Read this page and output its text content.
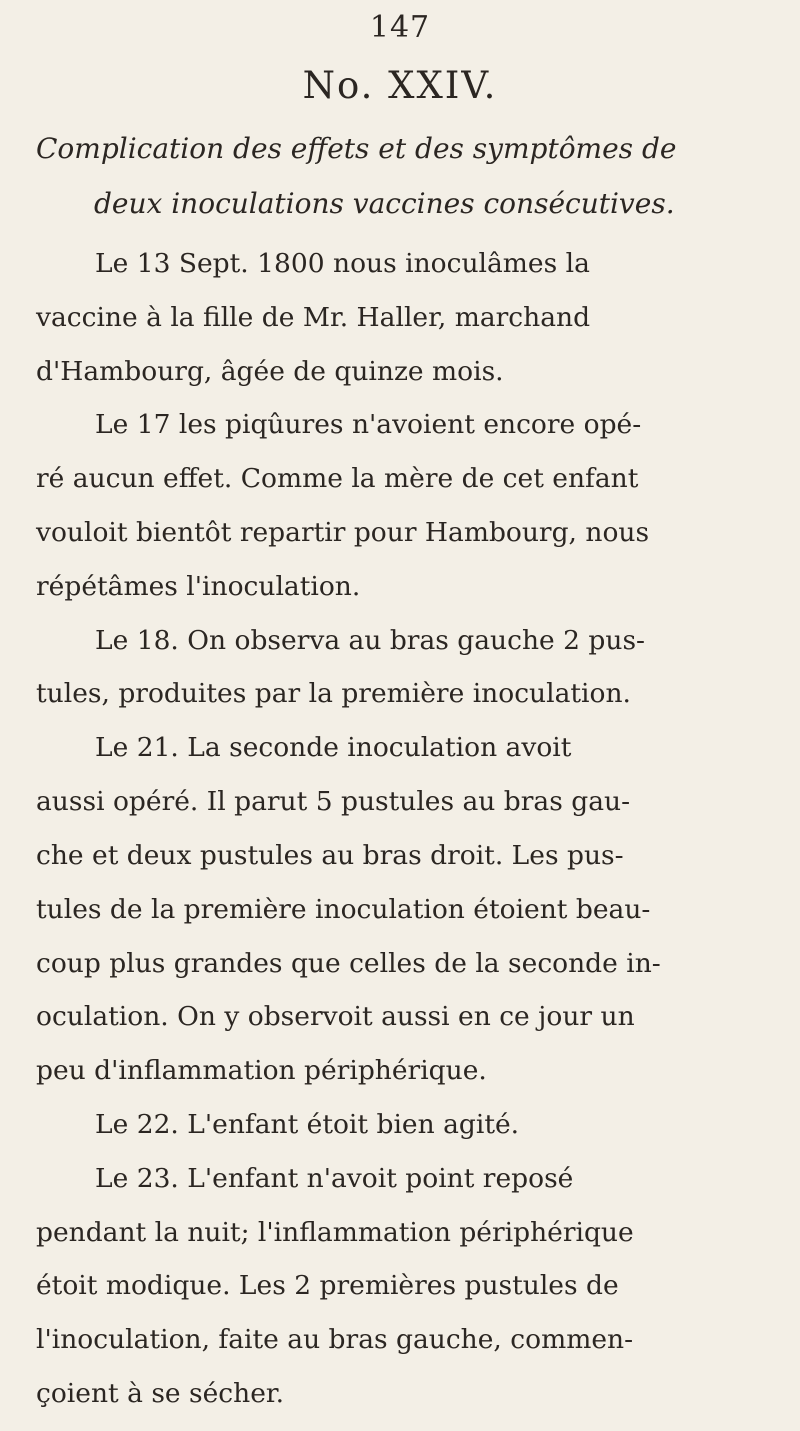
147
No. XXIV.
Complication des effets et des symptômes de
deux inoculations vaccines consécutives.
Le 13 Sept. 1800 nous inoculâmes la
vaccine à la fille de Mr. Haller, marchand
d'Hambourg, âgée de quinze mois.
Le 17 les piqûures n'avoient encore opé-
ré aucun effet. Comme la mère de cet enfant
vouloit bientôt repartir pour Hambourg, nous
répétâmes l'inoculation.
Le 18. On observa au bras gauche 2 pus-
tules, produites par la première inoculation.
Le 21. La seconde inoculation avoit
aussi opéré. Il parut 5 pustules au bras gau-
che et deux pustules au bras droit. Les pus-
tules de la première inoculation étoient beau-
coup plus grandes que celles de la seconde in-
oculation. On y observoit aussi en ce jour un
peu d'inflammation périphérique.
Le 22. L'enfant étoit bien agité.
Le 23. L'enfant n'avoit point reposé
pendant la nuit; l'inflammation périphérique
étoit modique. Les 2 premières pustules de
l'inoculation, faite au bras gauche, commen-
çoient à se sécher.
